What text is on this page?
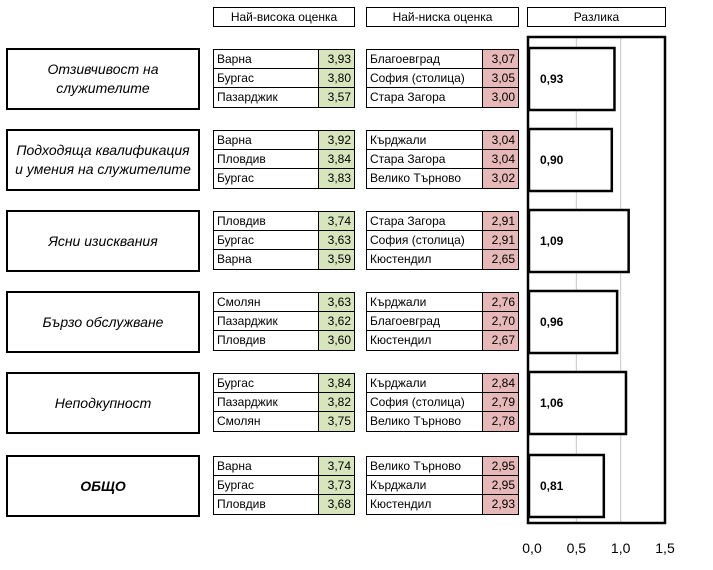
Най-висока оценка	Най-ниска оценка	Разлика
Отзивчивост на служителите
Варна	3,93
Бургас	3,80
Пазарджик	3,57
Благоевград	3,07
София (столица)	3,05
Стара Загора	3,00
Подходяща квалификация и умения на служителите
Варна	3,92
Пловдив	3,84
Бургас	3,83
Кърджали	3,04
Стара Загора	3,04
Велико Търново	3,02
Ясни изисквания
Пловдив	3,74
Бургас	3,63
Варна	3,59
Стара Загора	2,91
София (столица)	2,91
Кюстендил	2,65
Бързо обслужване
Смолян	3,63
Пазарджик	3,62
Пловдив	3,60
Кърджали	2,76
Благоевград	2,70
Кюстендил	2,67
Неподкупност
Бургас	3,84
Пазарджик	3,82
Смолян	3,75
Кърджали	2,84
София (столица)	2,79
Велико Търново	2,78
ОБЩО
Варна	3,74
Бургас	3,73
Пловдив	3,68
Велико Търново	2,95
Кърджали	2,95
Кюстендил	2,93
0,93
0,90
1,09
0,96
1,06
0,81
0,0 0,5 1,0 1,5
